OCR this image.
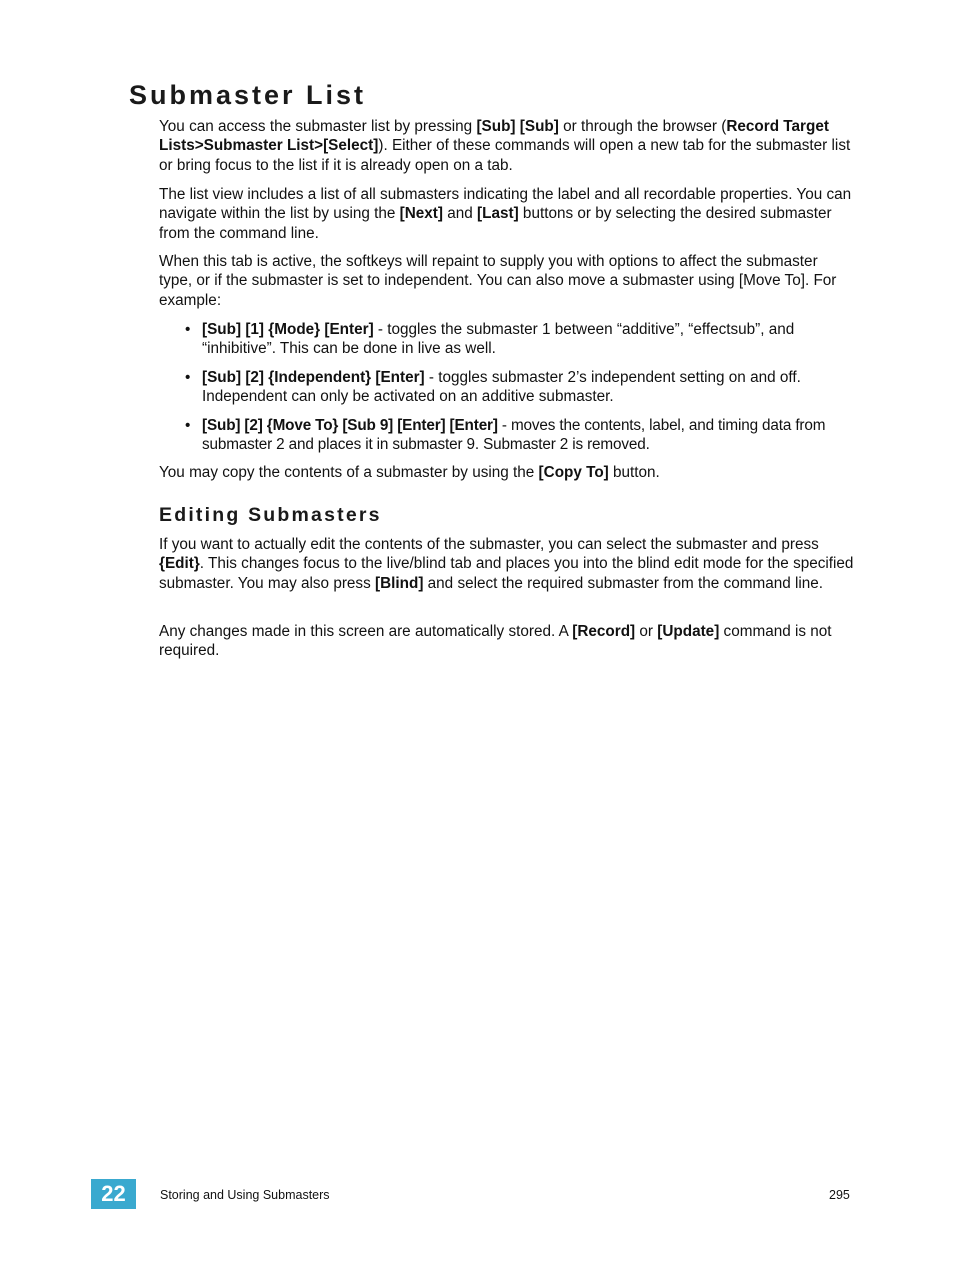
Submaster List

You can access the submaster list by pressing [Sub] [Sub] or through the browser (Record Target Lists>Submaster List>[Select]). Either of these commands will open a new tab for the submaster list or bring focus to the list if it is already open on a tab.

The list view includes a list of all submasters indicating the label and all recordable properties. You can navigate within the list by using the [Next] and [Last] buttons or by selecting the desired submaster from the command line.

When this tab is active, the softkeys will repaint to supply you with options to affect the submaster type, or if the submaster is set to independent. You can also move a submaster using [Move To]. For example:

• [Sub] [1] {Mode} [Enter] - toggles the submaster 1 between “additive”, “effectsub”, and “inhibitive”. This can be done in live as well.
• [Sub] [2] {Independent} [Enter] - toggles submaster 2’s independent setting on and off. Independent can only be activated on an additive submaster.
• [Sub] [2] {Move To} [Sub 9] [Enter] [Enter] - moves the contents, label, and timing data from submaster 2 and places it in submaster 9. Submaster 2 is removed.

You may copy the contents of a submaster by using the [Copy To] button.

Editing Submasters

If you want to actually edit the contents of the submaster, you can select the submaster and press {Edit}. This changes focus to the live/blind tab and places you into the blind edit mode for the specified submaster. You may also press [Blind] and select the required submaster from the command line.

Any changes made in this screen are automatically stored. A [Record] or [Update] command is not required.

22	Storing and Using Submasters	295
